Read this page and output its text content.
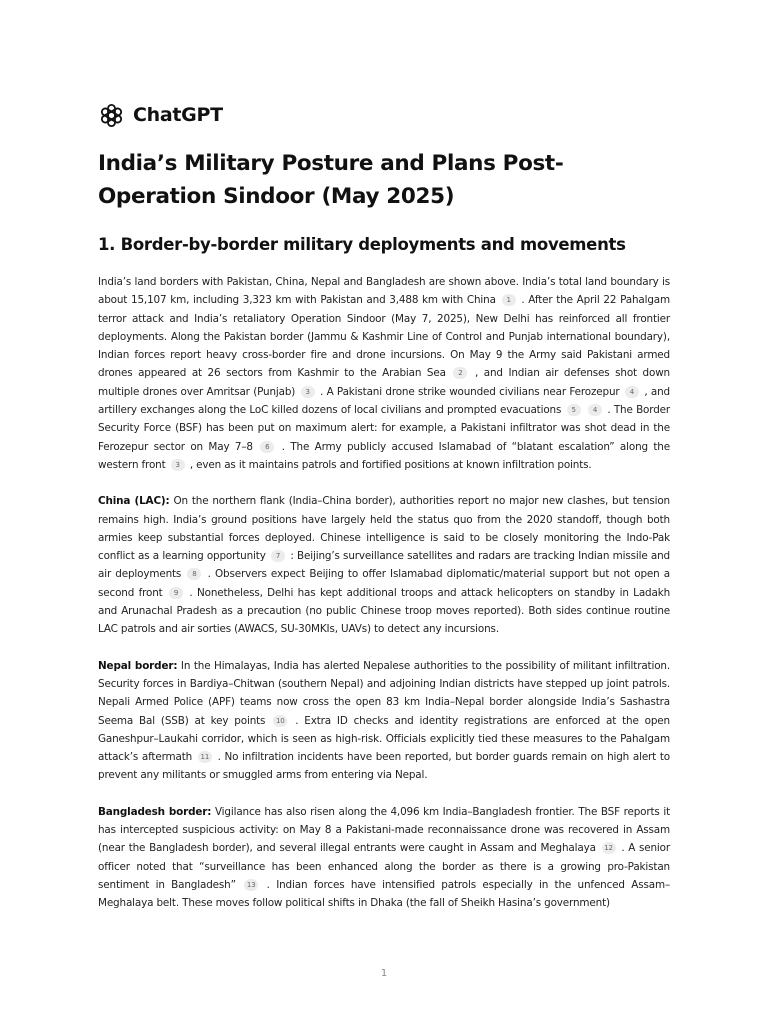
ChatGPT
India’s Military Posture and Plans Post-Operation Sindoor (May 2025)
1. Border-by-border military deployments and movements

India’s land borders with Pakistan, China, Nepal and Bangladesh are shown above. India’s total land boundary is about 15,107 km, including 3,323 km with Pakistan and 3,488 km with China 1 . After the April 22 Pahalgam terror attack and India’s retaliatory Operation Sindoor (May 7, 2025), New Delhi has reinforced all frontier deployments. Along the Pakistan border (Jammu & Kashmir Line of Control and Punjab international boundary), Indian forces report heavy cross-border fire and drone incursions. On May 9 the Army said Pakistani armed drones appeared at 26 sectors from Kashmir to the Arabian Sea 2 , and Indian air defenses shot down multiple drones over Amritsar (Punjab) 3 . A Pakistani drone strike wounded civilians near Ferozepur 4 , and artillery exchanges along the LoC killed dozens of local civilians and prompted evacuations 5 4 . The Border Security Force (BSF) has been put on maximum alert: for example, a Pakistani infiltrator was shot dead in the Ferozepur sector on May 7–8 6 . The Army publicly accused Islamabad of “blatant escalation” along the western front 3 , even as it maintains patrols and fortified positions at known infiltration points.

China (LAC): On the northern flank (India–China border), authorities report no major new clashes, but tension remains high. India’s ground positions have largely held the status quo from the 2020 standoff, though both armies keep substantial forces deployed. Chinese intelligence is said to be closely monitoring the Indo-Pak conflict as a learning opportunity 7 : Beijing’s surveillance satellites and radars are tracking Indian missile and air deployments 8 . Observers expect Beijing to offer Islamabad diplomatic/material support but not open a second front 9 . Nonetheless, Delhi has kept additional troops and attack helicopters on standby in Ladakh and Arunachal Pradesh as a precaution (no public Chinese troop moves reported). Both sides continue routine LAC patrols and air sorties (AWACS, SU-30MKIs, UAVs) to detect any incursions.

Nepal border: In the Himalayas, India has alerted Nepalese authorities to the possibility of militant infiltration. Security forces in Bardiya–Chitwan (southern Nepal) and adjoining Indian districts have stepped up joint patrols. Nepali Armed Police (APF) teams now cross the open 83 km India–Nepal border alongside India’s Sashastra Seema Bal (SSB) at key points 10 . Extra ID checks and identity registrations are enforced at the open Ganeshpur–Laukahi corridor, which is seen as high-risk. Officials explicitly tied these measures to the Pahalgam attack’s aftermath 11 . No infiltration incidents have been reported, but border guards remain on high alert to prevent any militants or smuggled arms from entering via Nepal.

Bangladesh border: Vigilance has also risen along the 4,096 km India–Bangladesh frontier. The BSF reports it has intercepted suspicious activity: on May 8 a Pakistani-made reconnaissance drone was recovered in Assam (near the Bangladesh border), and several illegal entrants were caught in Assam and Meghalaya 12 . A senior officer noted that “surveillance has been enhanced along the border as there is a growing pro-Pakistan sentiment in Bangladesh” 13 . Indian forces have intensified patrols especially in the unfenced Assam–Meghalaya belt. These moves follow political shifts in Dhaka (the fall of Sheikh Hasina’s government)

1
